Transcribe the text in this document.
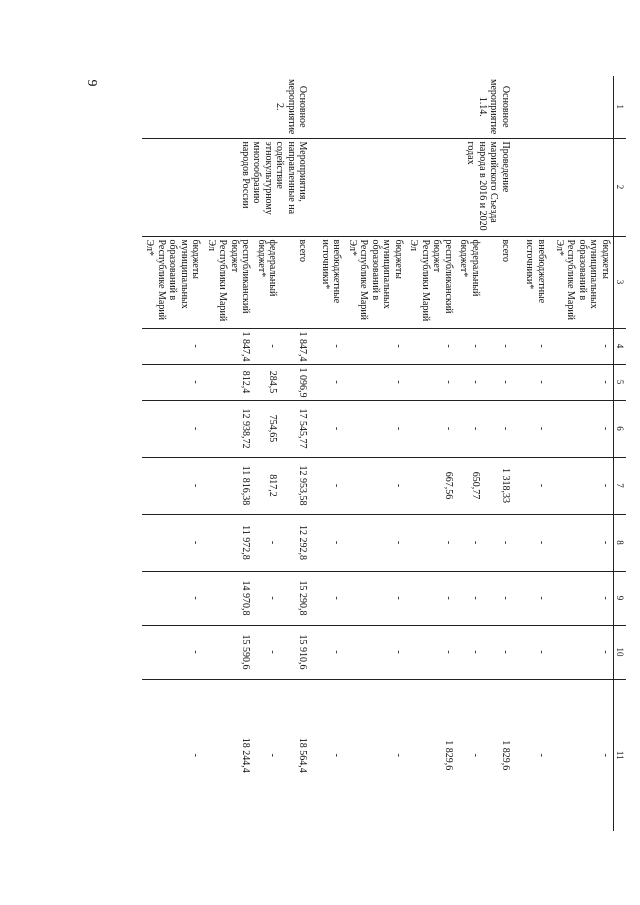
9
1	2	3	4	5	6	7	8	9	10	11
		бюджеты муниципальных образований в Республике Марий Эл*	-	-	-	-	-	-	-	-
		внебюджетные источники*	-	-	-	-	-	-	-	-
Основное мероприятие 1.14.	Проведение марийского Съезда народа в 2016 и 2020 годах	всего	-	-	-	1 318,33	-	-	-	1 829,6
		федеральный бюджет*	-	-	-	650,77	-	-	-	-
		республиканский бюджет Республики Марий Эл	-	-	-	667,56	-	-	-	1 829,6
		бюджеты муниципальных образований в Республике Марий Эл*	-	-	-	-	-	-	-	-
		внебюджетные источники*	-	-	-	-	-	-	-	-
Основное мероприятие 2.	Мероприятия, направленные на содействие этнокультурному многообразию народов России	всего	1 847,4	1 096,9	17 545,77	12 953,58	12 292,8	15 290,8	15 910,6	18 564,4
		федеральный бюджет*	-	284,5	754,65	817,2	-	-	-	-
		республиканский бюджет Республики Марий Эл	1 847,4	812,4	12 938,72	11 816,38	11 972,8	14 970,8	15 590,6	18 244,4
		бюджеты муниципальных образований в Республике Марий Эл*	-	-	-	-	-	-	-	-
